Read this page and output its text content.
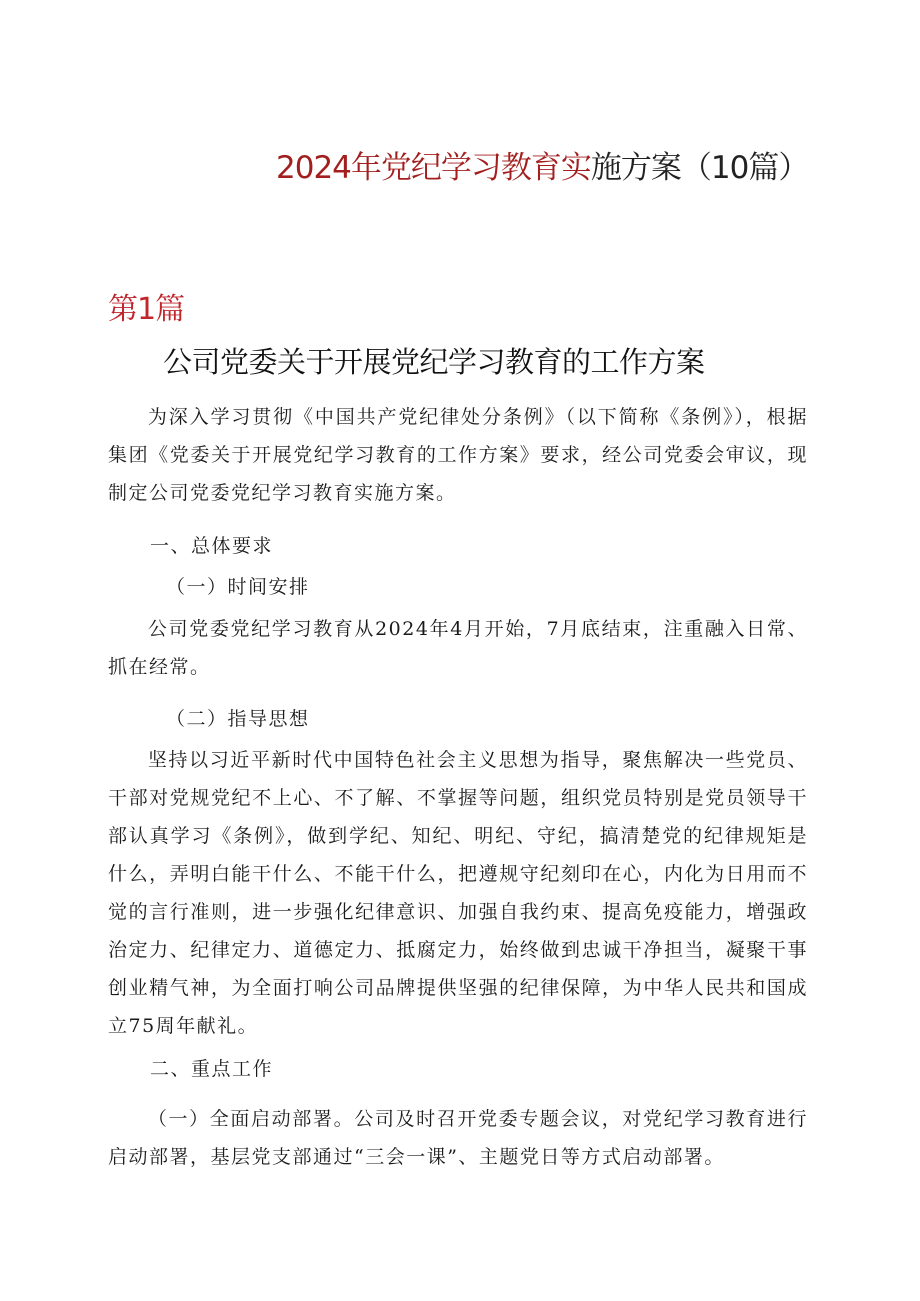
2024年党纪学习教育实施方案（10篇）
第1篇
公司党委关于开展党纪学习教育的工作方案
为深入学习贯彻《中国共产党纪律处分条例》（以下简称《条例》），根据集团《党委关于开展党纪学习教育的工作方案》要求，经公司党委会审议，现制定公司党委党纪学习教育实施方案。
一、总体要求
（一）时间安排
公司党委党纪学习教育从2024年4月开始，7月底结束，注重融入日常、抓在经常。
（二）指导思想
坚持以习近平新时代中国特色社会主义思想为指导，聚焦解决一些党员、干部对党规党纪不上心、不了解、不掌握等问题，组织党员特别是党员领导干部认真学习《条例》，做到学纪、知纪、明纪、守纪，搞清楚党的纪律规矩是什么，弄明白能干什么、不能干什么，把遵规守纪刻印在心，内化为日用而不觉的言行准则，进一步强化纪律意识、加强自我约束、提高免疫能力，增强政治定力、纪律定力、道德定力、抵腐定力，始终做到忠诚干净担当，凝聚干事创业精气神，为全面打响公司品牌提供坚强的纪律保障，为中华人民共和国成立75周年献礼。
二、重点工作
（一）全面启动部署。公司及时召开党委专题会议，对党纪学习教育进行启动部署，基层党支部通过“三会一课”、主题党日等方式启动部署。
